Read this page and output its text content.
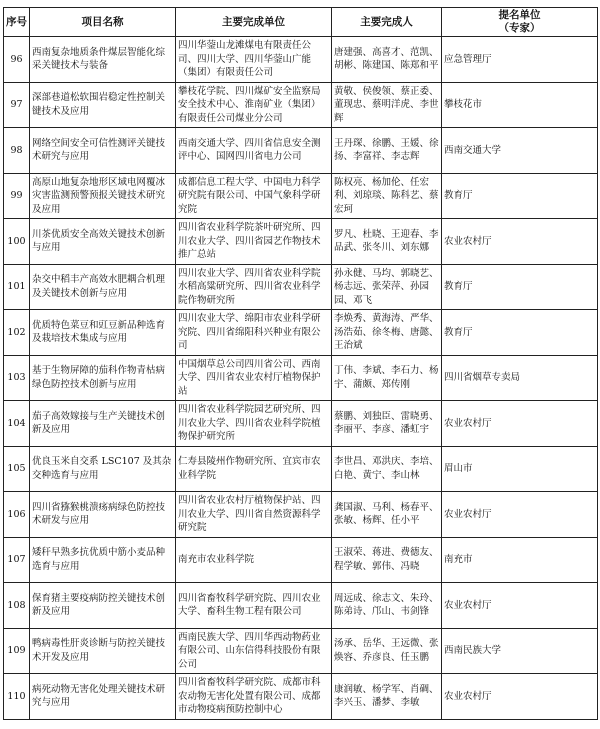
序号	项目名称	主要完成单位	主要完成人	提名单位
（专家）

96	西南复杂地质条件煤层智能化综采关键技术与装备	四川华蓥山龙滩煤电有限责任公司、四川大学、四川华蓥山广能（集团）有限责任公司	唐建强、高喜才、范凯、胡彬、陈建国、陈郑和平	应急管理厅
97	深部巷道松软围岩稳定性控制关键技术及应用	攀枝花学院、四川煤矿安全监察局安全技术中心、淮南矿业（集团）有限责任公司煤业分公司	黄敬、侯俊领、蔡正委、董现忠、蔡明洋虎、李世辉	攀枝花市
98	网络空间安全可信性测评关键技术研究与应用	西南交通大学、四川省信息安全测评中心、国网四川省电力公司	王丹琛、徐鹏、王媛、徐扬、李富祥、李志辉	西南交通大学
99	高原山地复杂地形区域电网覆冰灾害监测预警预报关键技术研究及应用	成都信息工程大学、中国电力科学研究院有限公司、中国气象科学研究院	陈权亮、杨加伦、任宏利、刘琼琰、陈科艺、蔡宏珂	教育厅
100	川茶优质安全高效关键技术创新与应用	四川省农业科学院茶叶研究所、四川农业大学、四川省园艺作物技术推广总站	罗凡、杜晓、王迎春、李品武、张冬川、刘东娜	农业农村厅
101	杂交中稻丰产高效水肥耦合机理及关键技术创新与应用	四川农业大学、四川省农业科学院水稻高粱研究所、四川省农业科学院作物研究所	孙永健、马均、郭晓艺、杨志远、张荣萍、孙园园、邓飞	教育厅
102	优质特色菜豆和豇豆新品种选育及栽培技术集成与应用	四川农业大学、绵阳市农业科学研究院、四川省绵阳科兴种业有限公司	李焕秀、黄海涛、严华、汤浩茹、徐冬梅、唐懿、王治斌	教育厅
103	基于生物屏障的茄科作物青枯病绿色防控技术创新与应用	中国烟草总公司四川省公司、西南大学、四川省农业农村厅植物保护站	丁伟、李斌、李石力、杨宇、蒲颇、郑传刚	四川省烟草专卖局
104	茄子高效嫁接与生产关键技术创新及应用	四川省农业科学院园艺研究所、四川农业大学、四川省农业科学院植物保护研究所	蔡鹏、刘独臣、雷晓勇、李丽平、李彦、潘虹宇	农业农村厅
105	优良玉米自交系 LSC107 及其杂交种选育与应用	仁寿县陵州作物研究所、宜宾市农业科学院	李世昌、邓洪庆、李培、白艳、黄宁、李山林	眉山市
106	四川省猕猴桃溃疡病绿色防控技术研发与应用	四川省农业农村厅植物保护站、四川农业大学、四川省自然资源科学研究院	龚国淑、马利、杨春平、张敏、杨辉、任小平	农业农村厅
107	矮秆早熟多抗优质中筋小麦品种选育与应用	南充市农业科学院	王淑荣、蒋进、费德友、程学敏、郭伟、冯晓	南充市
108	保育猪主要疫病防控关键技术创新及应用	四川省畜牧科学研究院、四川农业大学、畜科生物工程有限公司	周远成、徐志文、朱玲、陈弟诗、邝山、韦剑锋	农业农村厅
109	鸭病毒性肝炎诊断与防控关键技术开发及应用	西南民族大学、四川华西动物药业有限公司、山东信得科技股份有限公司	汤承、岳华、王远微、张焕容、乔彦良、任玉鹏	西南民族大学
110	病死动物无害化处理关键技术研究与应用	四川省畜牧科学研究院、成都市科农动物无害化处置有限公司、成都市动物疫病预防控制中心	康润敏、杨学军、肖碉、李兴玉、潘梦、李敏	农业农村厅
